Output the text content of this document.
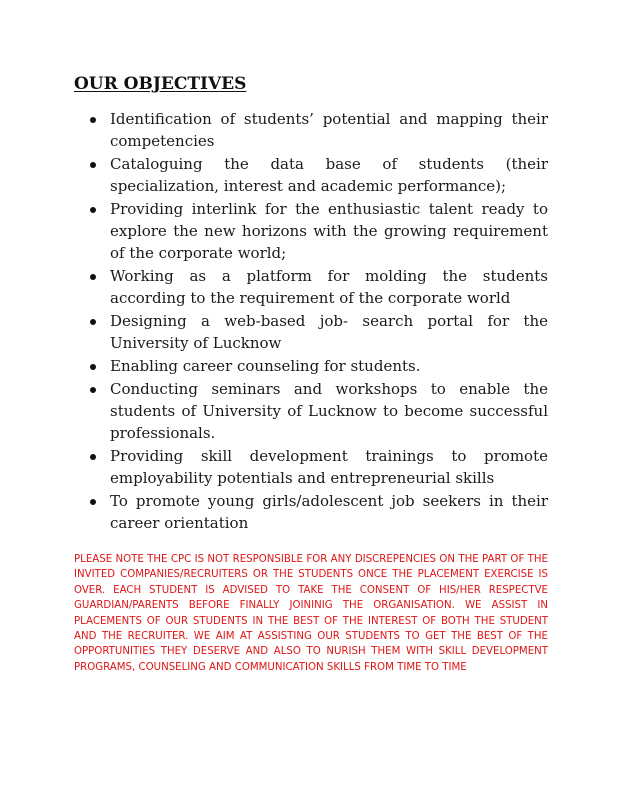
OUR OBJECTIVES
Identification of students’ potential and mapping their competencies
Cataloguing the data base of students (their specialization, interest and academic performance);
Providing interlink for the enthusiastic talent ready to explore the new horizons with the growing requirement of the corporate world;
Working as a platform for molding the students according to the requirement of the corporate world
Designing a web-based job- search portal for the University of Lucknow
Enabling career counseling for students.
Conducting seminars and workshops to enable the students of University of Lucknow to become successful professionals.
Providing skill development trainings to promote employability potentials and entrepreneurial skills
To promote young girls/adolescent job seekers in their career orientation

PLEASE NOTE THE CPC IS NOT RESPONSIBLE FOR ANY DISCREPENCIES ON THE PART OF THE INVITED COMPANIES/RECRUITERS OR THE STUDENTS ONCE THE PLACEMENT EXERCISE IS OVER. EACH STUDENT IS ADVISED TO TAKE THE CONSENT OF HIS/HER RESPECTVE GUARDIAN/PARENTS BEFORE FINALLY JOININIG THE ORGANISATION. WE ASSIST IN PLACEMENTS OF OUR STUDENTS IN THE BEST OF THE INTEREST OF BOTH THE STUDENT AND THE RECRUITER. WE AIM AT ASSISTING OUR STUDENTS TO GET THE BEST OF THE OPPORTUNITIES THEY DESERVE AND ALSO TO NURISH THEM WITH SKILL DEVELOPMENT PROGRAMS, COUNSELING AND COMMUNICATION SKILLS FROM TIME TO TIME
